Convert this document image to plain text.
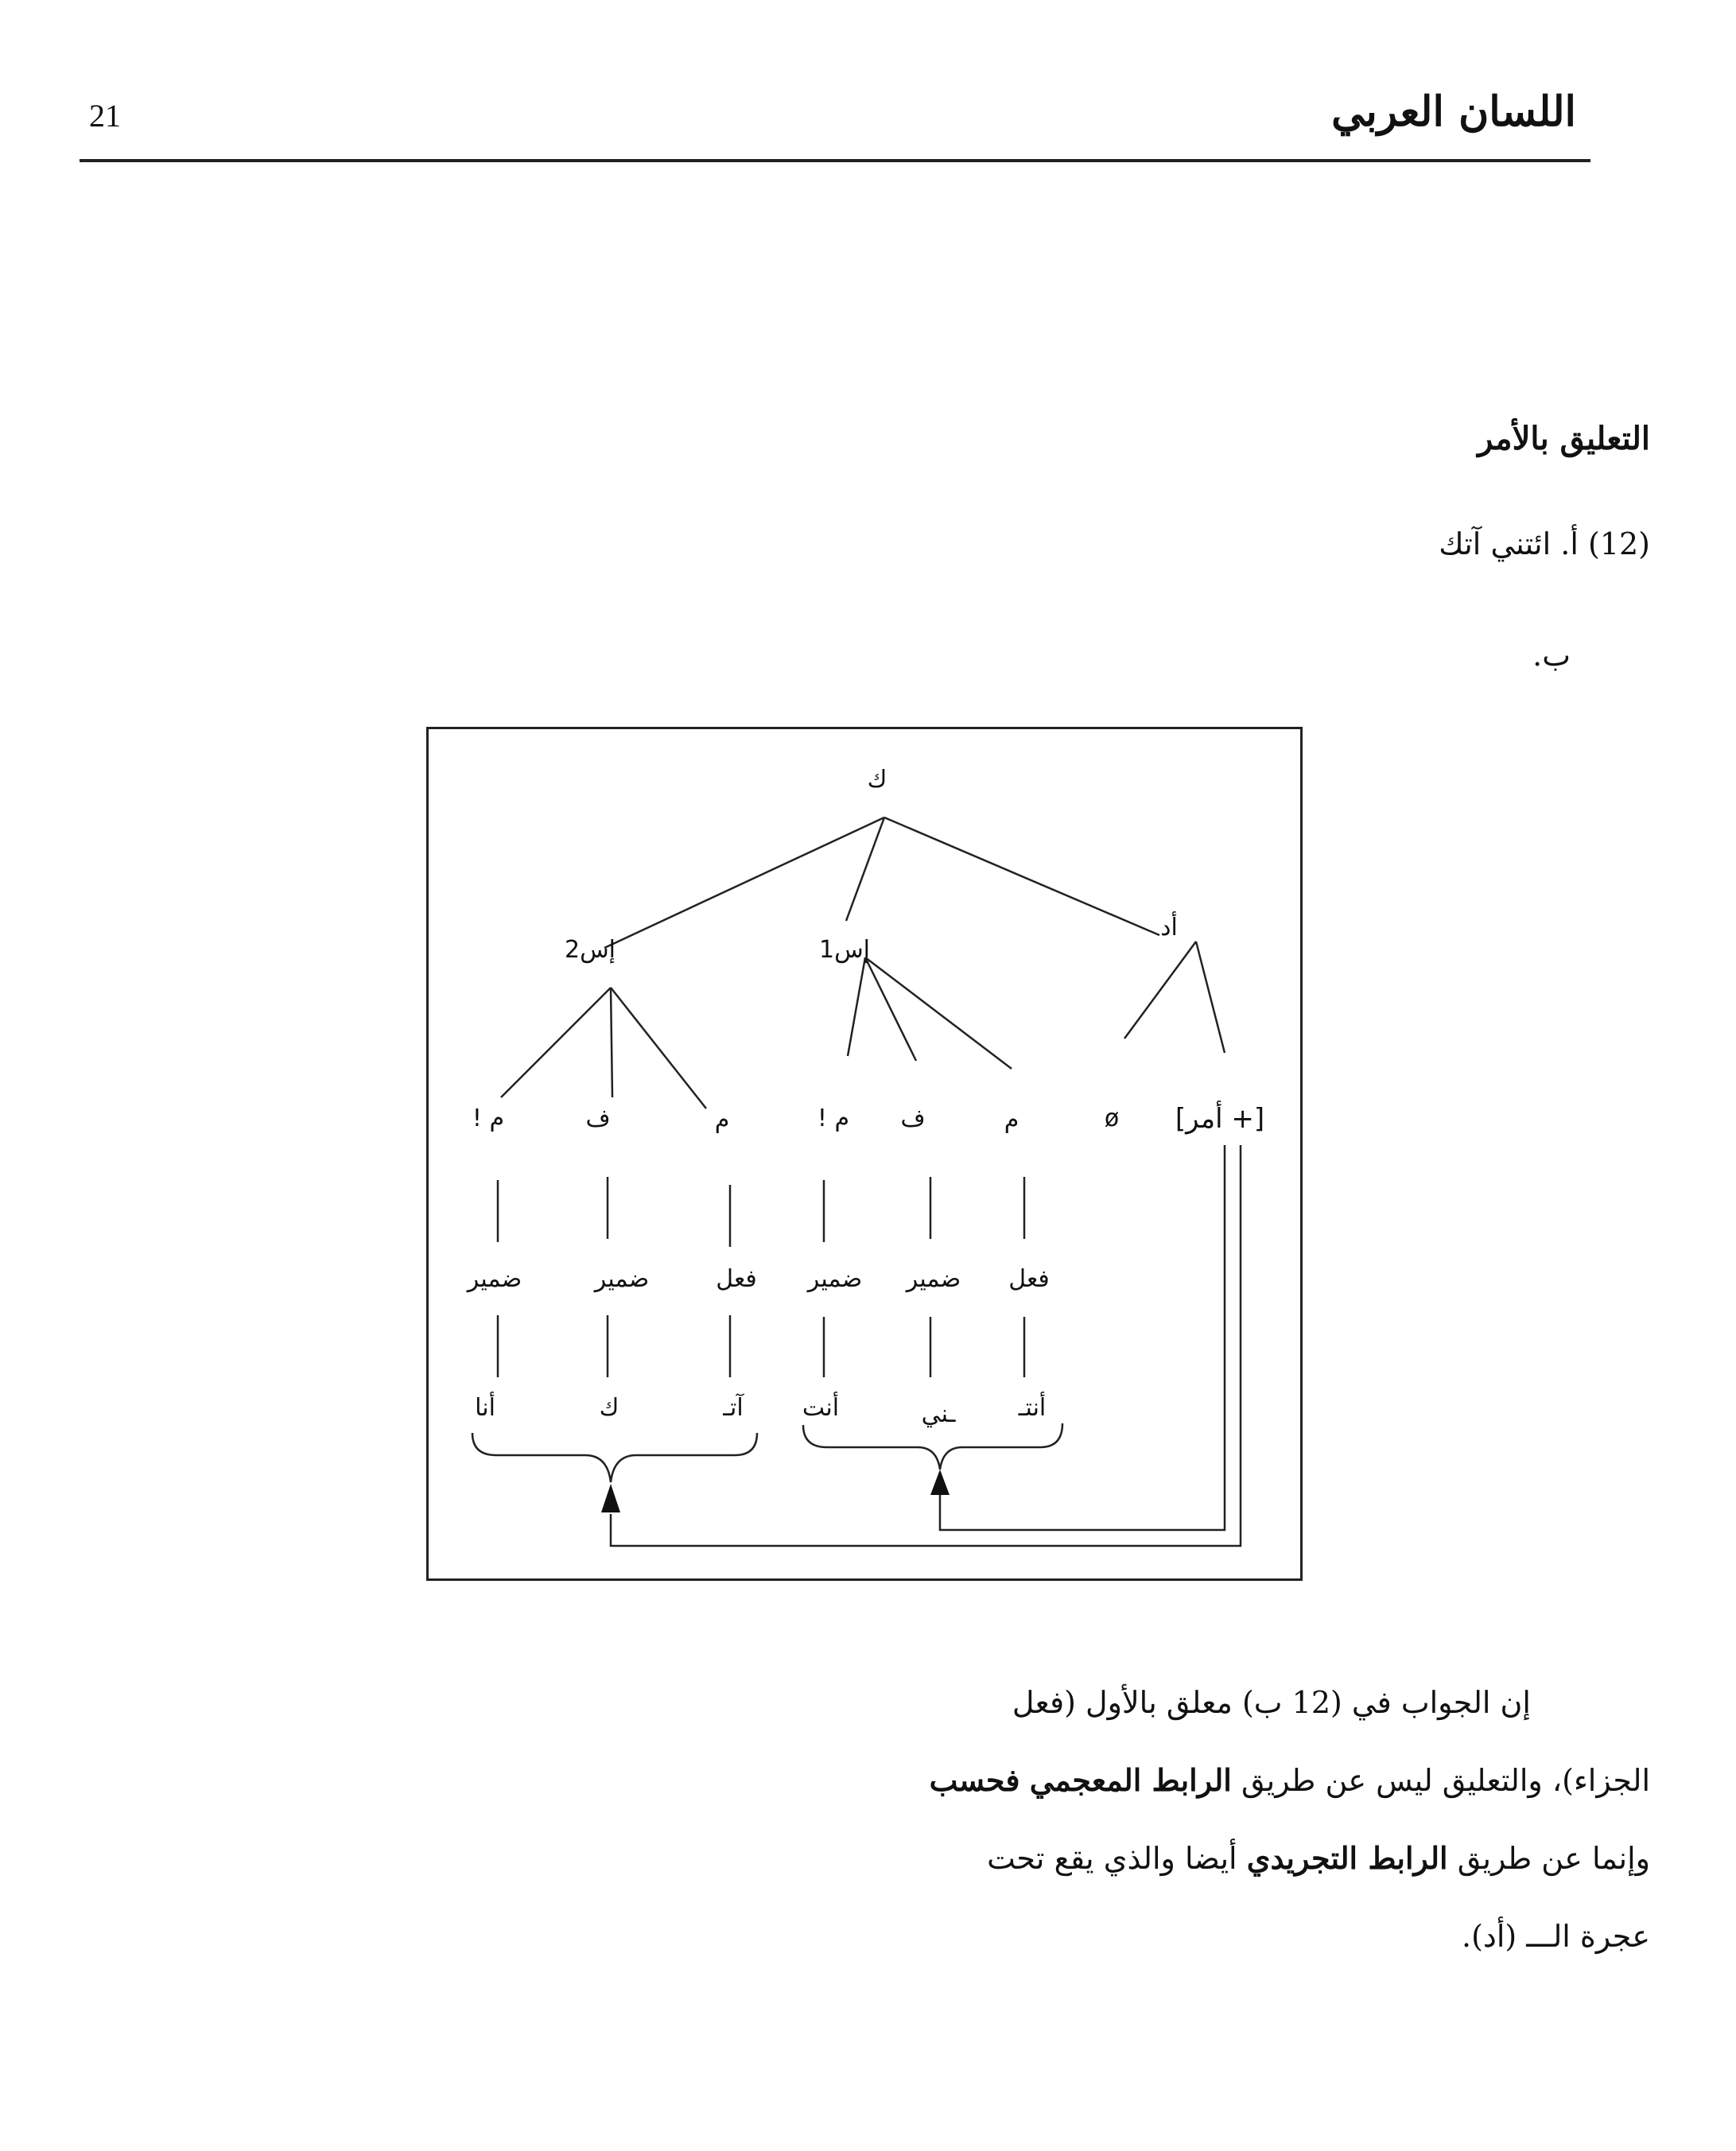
21	اللسان العربي
التعليق بالأمر
(12) أ. ائتني آتك
ب.
ك
أد
إس1
إس2
ø [+ أمر]
م
ف
م !
م
ف
م !
فعل
ضمير
ضمير
فعل
ضمير
ضمير
أنتـ
ـني
أنت
آتـ
ك
أنا
إن الجواب في (12 ب) معلق بالأول (فعل
الجزاء)، والتعليق ليس عن طريق الرابط المعجمي فحسب
وإنما عن طريق الرابط التجريدي أيضا والذي يقع تحت
عجرة الـــ (أد).
